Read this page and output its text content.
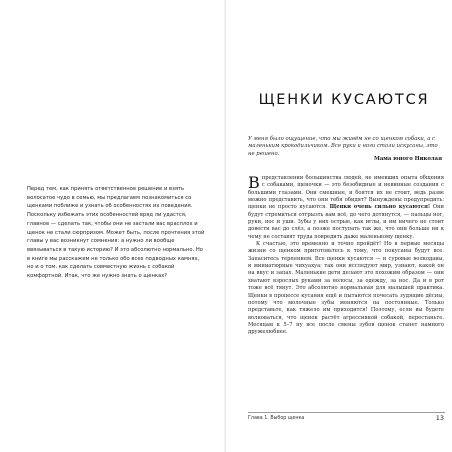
Перед тем, как принять ответственное решение и взять волосатое чудо в семью, мы предлагаем познакомиться со щенками поближе и узнать об особенностях их поведения. Поскольку избежать этих особенностей вряд ли удастся, главное — сделать так, чтобы они не застали вас врасплох и щенок не стали сюрпризом. Может быть, после прочтения этой главы у вас возникнут сомнения: а нужно ли вообще ввязываться в такую историю? И это абсолютно нормально. Но в книге мы расскажем не только обо всех подводных камнях, но и о том, как сделать совместную жизнь с собакой комфортной. Итак, что же нужно знать о щенках?

ЩЕНКИ КУСАЮТСЯ

У меня было ощущение, что мы живём не со щенком собаки, а с маленьким крокодильчиком. Все руки и ноги стали искусаны, это не решено.

Мама юного Николая

В представлении большинства людей, не имевших опыта общения с собаками, щеночки — это безобидные и невинные создания с большими глазами. Они смешные, и боятся их не стоит, ведь разве можно представить, что они тебя обидят? Вынуждены предупредить: щенки не просто кусаются. Щенки очень сильно кусаются! Они будут стремиться отгрызть вам всё, до чего дотянутся, — пальцы ног, руки, нос и уши. Зубы у них острые, как иглы, и им ничего не стоит довести вас до слёз, а позже поступать так же, что они больше ни к чему не составят труда повредить даже маленькому щенку.

К счастью, это временно и точно пройдёт! Но в первые месяцы жизни со щенком приготовьтесь к тому, что покусаны будут все. Запаситесь терпением. Все щенки кусаются — и суровые волкодавы, и миниатюрные чихуахуа: так они исследуют мир, узнают, какой он на вкус и запах. Маленькие дети делают это похожим образом — они хватают взрослых руками за волосы, за одежду, за нос. Да и в рот тоже всё тянут. Это абсолютно нормальная для малышей практика. Щенки в процессе кусания ещё и пытаются почесать зудящие дёсны, потому что молочные зубы меняются на постоянные. Только представьте, как тяжело им приходится! Поэтому, если вы будете волноваться, что щенок растёт агрессивной собакой, перестаньте. Месяцам к 5–7 ну все после смены зубов щенок станет намного дружелюбнее.

Глава 1. Выбор щенка	13
